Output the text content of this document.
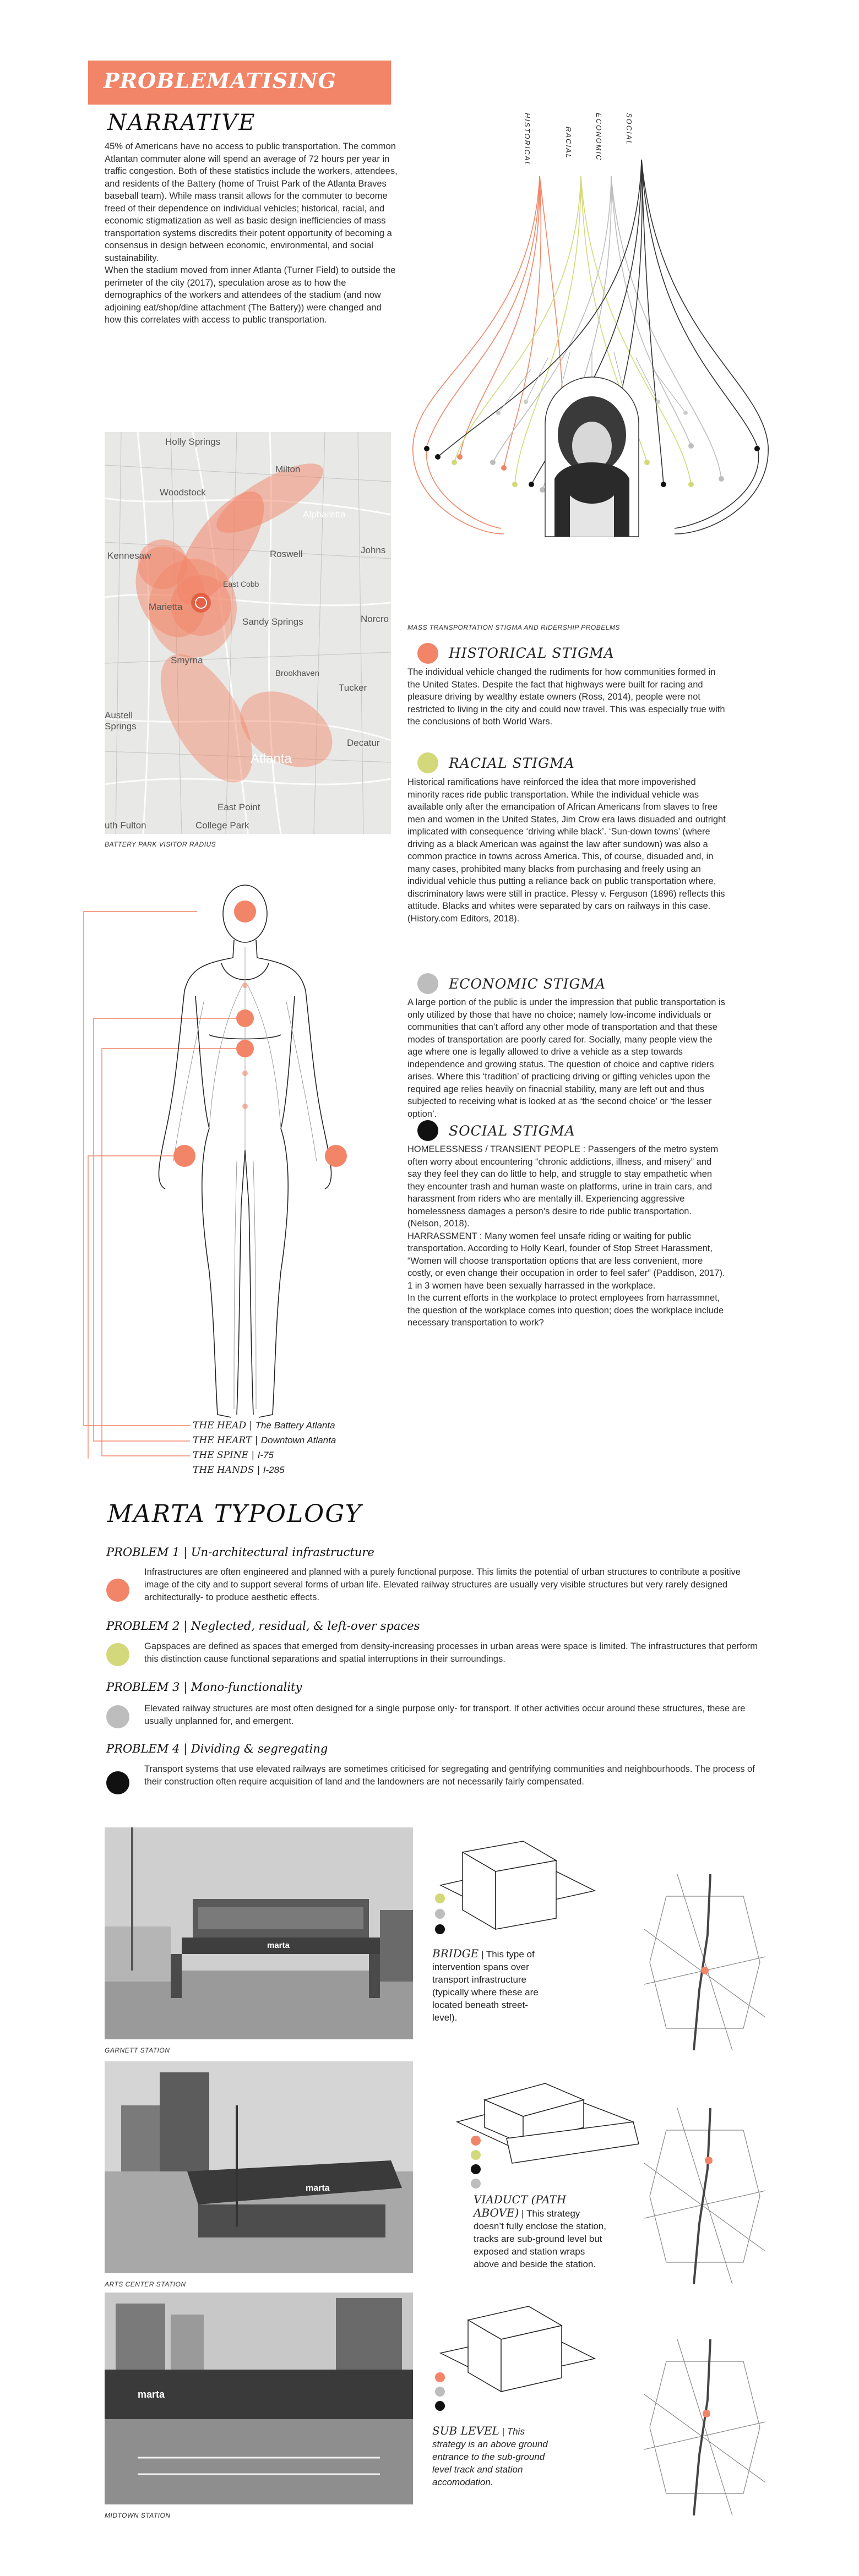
PROBLEMATISING
NARRATIVE

45% of Americans have no access to public transportation. The common Atlantan commuter alone will spend an average of 72 hours per year in traffic congestion. Both of these statistics include the workers, attendees, and residents of the Battery (home of Truist Park of the Atlanta Braves baseball team). While mass transit allows for the commuter to become freed of their dependence on individual vehicles; historical, racial, and economic stigmatization as well as basic design inefficiencies of mass transportation systems discredits their potent opportunity of becoming a consensus in design between economic, environmental, and social sustainability.

When the stadium moved from inner Atlanta (Turner Field) to outside the perimeter of the city (2017), speculation arose as to how the demographics of the workers and attendees of the stadium (and now adjoining eat/shop/dine attachment (The Battery)) were changed and how this correlates with access to public transportation.

Holly Springs
Woodstock
Milton
Alpharetta
Johns
Kennesaw	Roswell
Marietta
East Cobb
Sandy Springs	Norcro
Smyrna
Brookhaven
Tucker
Austell
Springs
Decatur
Atlanta
East Point
College Park
uth Fulton
BATTERY PARK VISITOR RADIUS
HISTORICAL	RACIAL	ECONOMIC	SOCIAL
MASS TRANSPORTATION STIGMA AND RIDERSHIP PROBELMS
HISTORICAL STIGMA
The individual vehicle changed the rudiments for how communities formed in the United States. Despite the fact that highways were built for racing and pleasure driving by wealthy estate owners (Ross, 2014), people were not restricted to living in the city and could now travel. This was especially true with the conclusions of both World Wars.
RACIAL STIGMA
Historical ramifications have reinforced the idea that more impoverished minority races ride public transportation. While the individual vehicle was available only after the emancipation of African Americans from slaves to free men and women in the United States, Jim Crow era laws disuaded and outright implicated with consequence ‘driving while black’. ‘Sun-down towns’ (where driving as a black American was against the law after sundown) was also a common practice in towns across America. This, of course, disuaded and, in many cases, prohibited many blacks from purchasing and freely using an individual vehicle thus putting a reliance back on public transportation where, discriminatory laws were still in practice. Plessy v. Ferguson (1896) reflects this attitude. Blacks and whites were separated by cars on railways in this case. (History.com Editors, 2018).
ECONOMIC STIGMA
A large portion of the public is under the impression that public transportation is only utilized by those that have no choice; namely low-income individuals or communities that can’t afford any other mode of transportation and that these modes of transportation are poorly cared for. Socially, many people view the age where one is legally allowed to drive a vehicle as a step towards independence and growing status. The question of choice and captive riders arises. Where this ‘tradition’ of practicing driving or gifting vehicles upon the required age relies heavily on finacnial stability, many are left out and thus subjected to receiving what is looked at as ‘the second choice’ or ‘the lesser option’.
SOCIAL STIGMA

HOMELESSNESS / TRANSIENT PEOPLE : Passengers of the metro system often worry about encountering “chronic addictions, illness, and misery” and say they feel they can do little to help, and struggle to stay empathetic when they encounter trash and human waste on platforms, urine in train cars, and harassment from riders who are mentally ill. Experiencing aggressive homelessness damages a person’s desire to ride public transportation. (Nelson, 2018).

HARRASSMENT : Many women feel unsafe riding or waiting for public transportation. According to Holly Kearl, founder of Stop Street Harassment, “Women will choose transportation options that are less convenient, more costly, or even change their occupation in order to feel safer” (Paddison, 2017). 1 in 3 women have been sexually harrassed in the workplace.

In the current efforts in the workplace to protect employees from harrassmnet, the question of the workplace comes into question; does the workplace include necessary transportation to work?

THE HEAD | The Battery Atlanta
THE HEART | Downtown Atlanta
THE SPINE | I-75
THE HANDS | I-285
MARTA TYPOLOGY
PROBLEM 1 | Un-architectural infrastructure
Infrastructures are often engineered and planned with a purely functional purpose. This limits the potential of urban structures to contribute a positive image of the city and to support several forms of urban life. Elevated railway structures are usually very visible structures but very rarely designed architecturally- to produce aesthetic effects.
PROBLEM 2 | Neglected, residual, & left-over spaces
Gapspaces are defined as spaces that emerged from density-increasing processes in urban areas were space is limited. The infrastructures that perform this distinction cause functional separations and spatial interruptions in their surroundings.
PROBLEM 3 | Mono-functionality
Elevated railway structures are most often designed for a single purpose only- for transport. If other activities occur around these structures, these are usually unplanned for, and emergent.
PROBLEM 4 | Dividing & segregating
Transport systems that use elevated railways are sometimes criticised for segregating and gentrifying communities and neighbourhoods. The process of their construction often require acquisition of land and the landowners are not necessarily fairly compensated.
marta
GARNETT STATION
BRIDGE | This type of intervention spans over transport infrastructure (typically where these are located beneath street-level).
marta
ARTS CENTER STATION
VIADUCT (PATH ABOVE) | This strategy doesn’t fully enclose the station, tracks are sub-ground level but exposed and station wraps above and beside the station.
marta
MIDTOWN STATION
SUB LEVEL | This strategy is an above ground entrance to the sub-ground level track and station accomodation.
